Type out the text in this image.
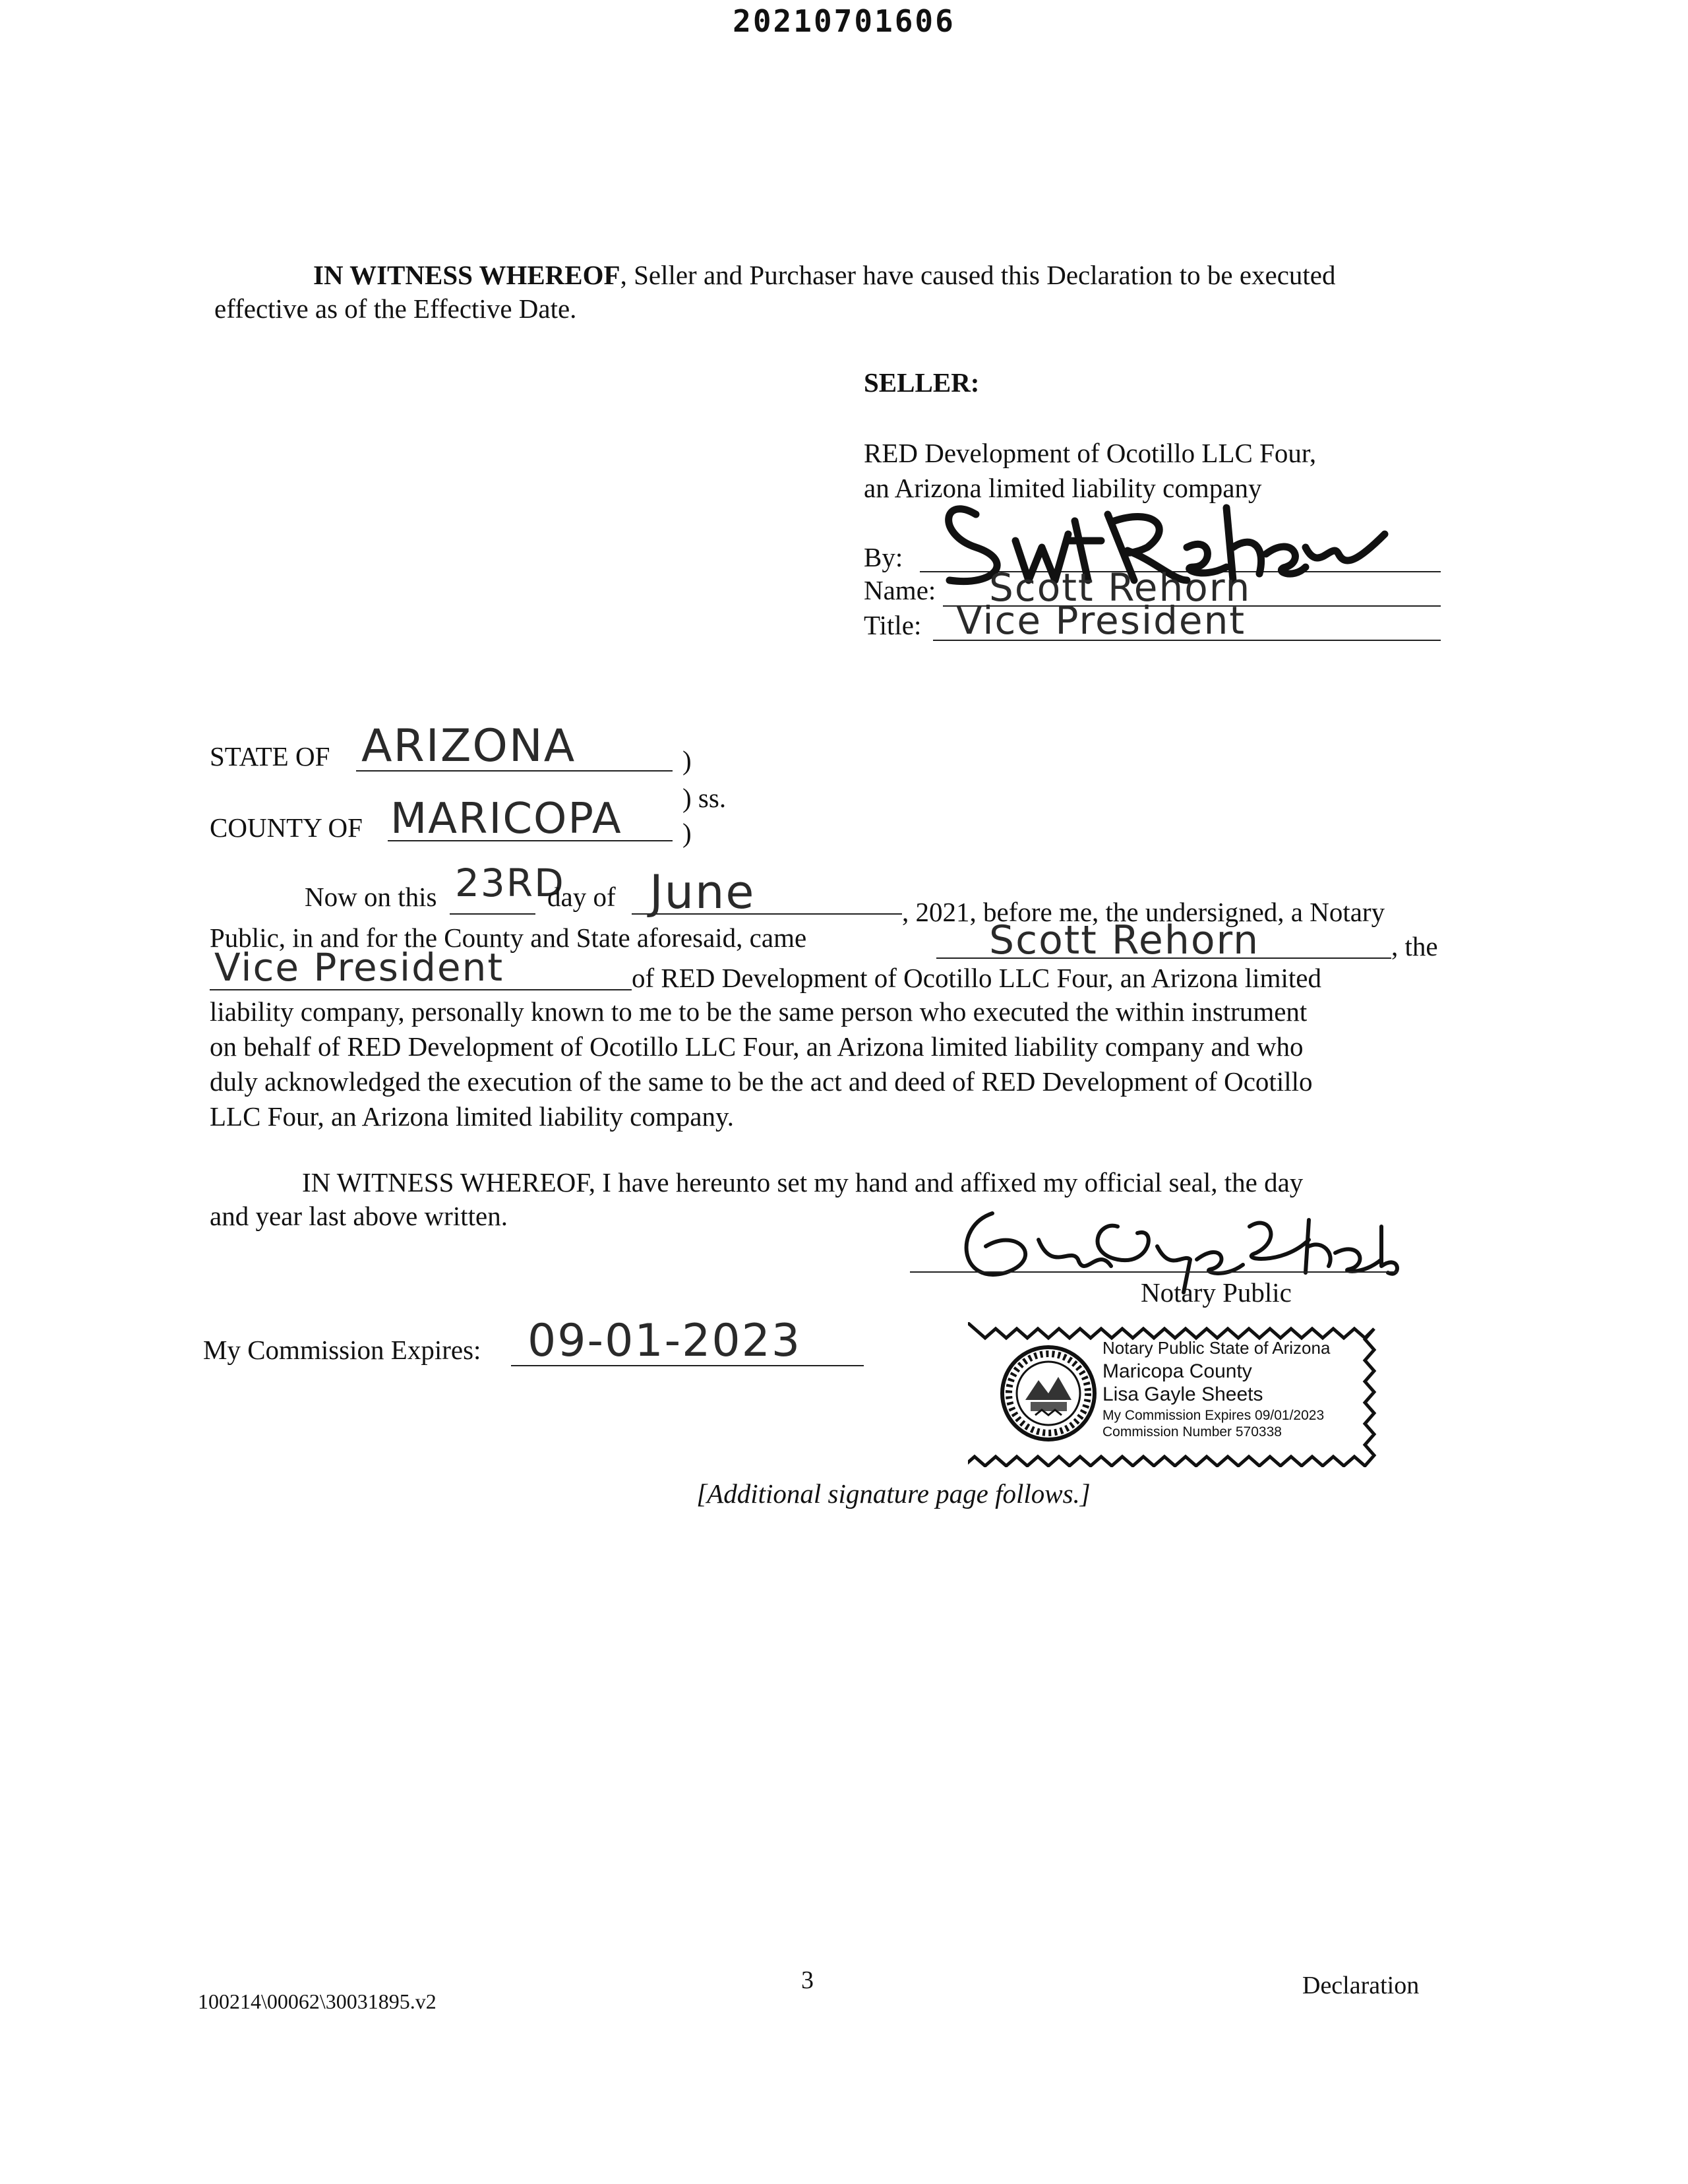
20210701606
IN WITNESS WHEREOF, Seller and Purchaser have caused this Declaration to be executed
effective as of the Effective Date.
SELLER:
RED Development of Ocotillo LLC Four,
an Arizona limited liability company
By:
Name: Scott Rehorn
Title: Vice President
STATE OF ARIZONA	)
) ss.
COUNTY OF MARICOPA )
Now on this 23RD
day of June	, 2021, before me, the undersigned, a Notary
Public, in and for the County and State aforesaid, came	Scott Rehorn	, the
Vice President	of RED Development of Ocotillo LLC Four, an Arizona limited
liability company, personally known to me to be the same person who executed the within instrument
on behalf of RED Development of Ocotillo LLC Four, an Arizona limited liability company and who
duly acknowledged the execution of the same to be the act and deed of RED Development of Ocotillo
LLC Four, an Arizona limited liability company.
IN WITNESS WHEREOF, I have hereunto set my hand and affixed my official seal, the day
and year last above written.
Notary Public
My Commission Expires: 09-01-2023	Notary Public State of Arizona
Maricopa County
Lisa Gayle Sheets
My Commission Expires 09/01/2023
Commission Number 570338
[Additional signature page follows.]
3	Declaration
100214\00062\30031895.v2
